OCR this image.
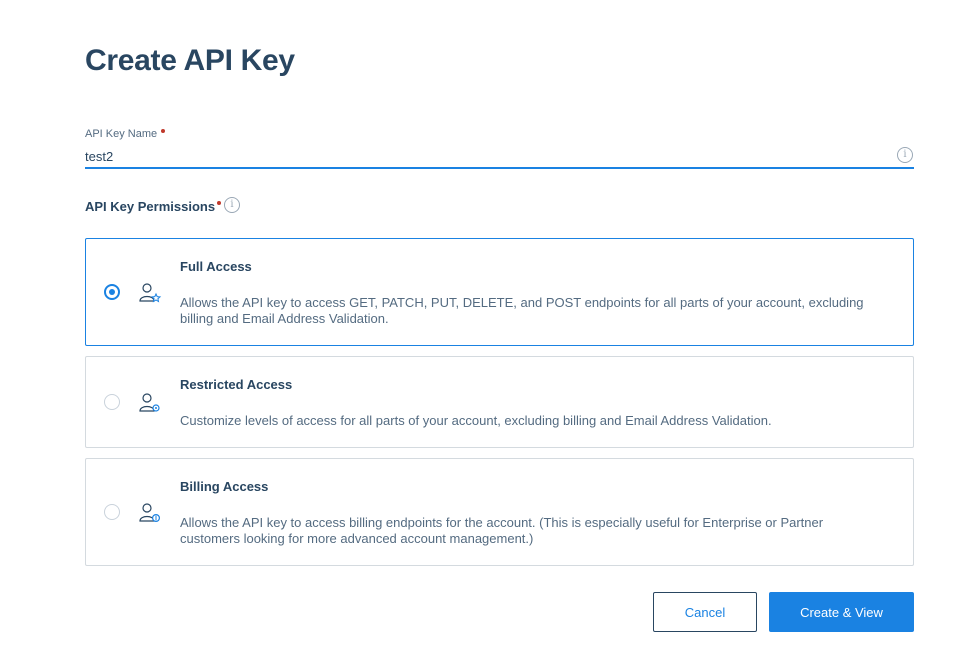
Create API Key
API Key Name
test2
i
API Key Permissions	i
Full Access
Allows the API key to access GET, PATCH, PUT, DELETE, and POST endpoints for all parts of your account, excluding billing and Email Address Validation.
Restricted Access
Customize levels of access for all parts of your account, excluding billing and Email Address Validation.
Billing Access
Allows the API key to access billing endpoints for the account. (This is especially useful for Enterprise or Partner customers looking for more advanced account management.)
Cancel	Create & View
